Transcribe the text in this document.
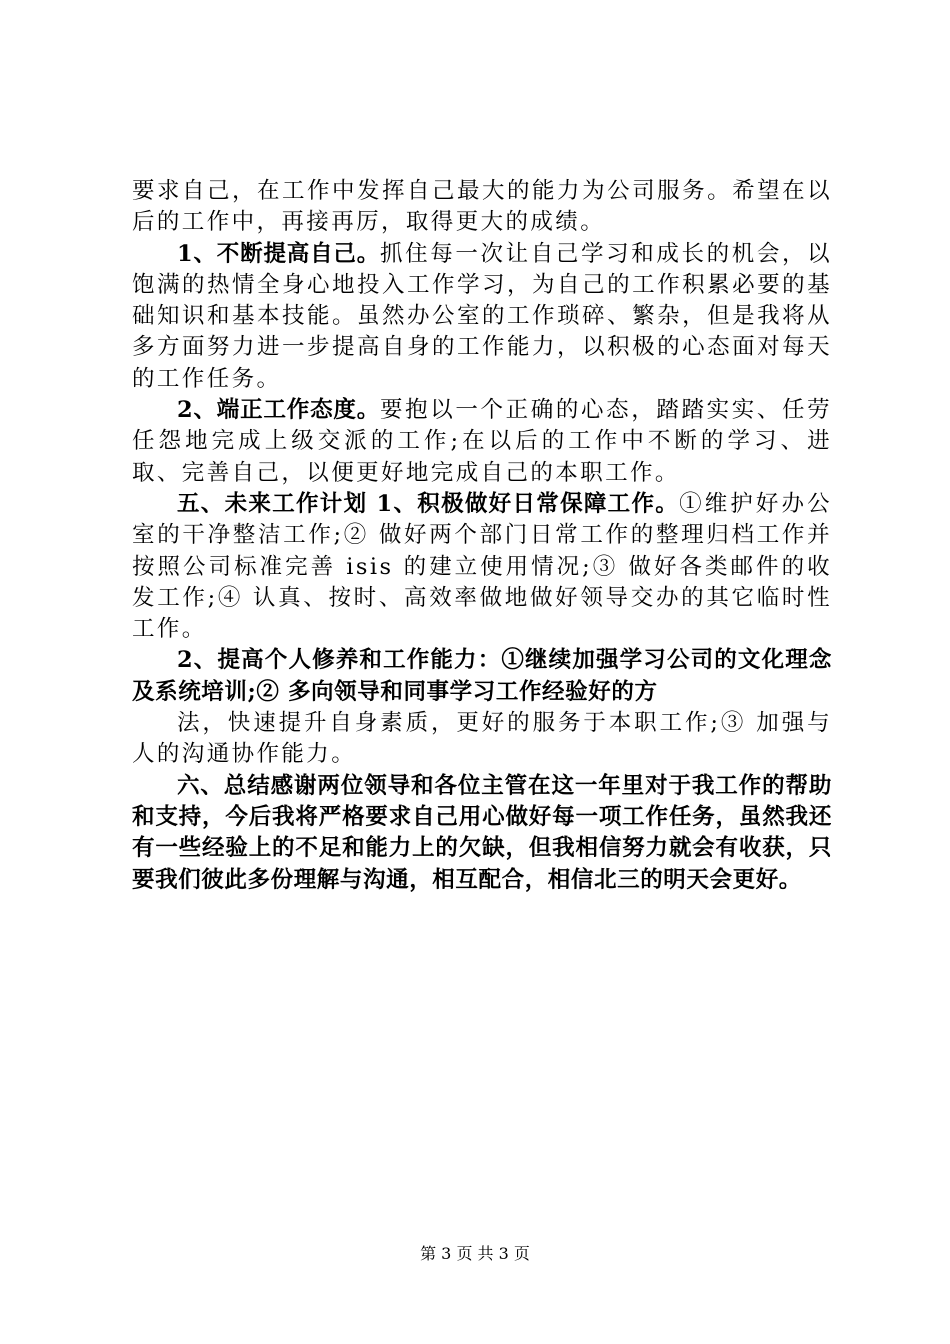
要求自己，在工作中发挥自己最大的能力为公司服务。希望在以后的工作中，再接再厉，取得更大的成绩。

1、不断提高自己。抓住每一次让自己学习和成长的机会，以饱满的热情全身心地投入工作学习，为自己的工作积累必要的基础知识和基本技能。虽然办公室的工作琐碎、繁杂，但是我将从多方面努力进一步提高自身的工作能力，以积极的心态面对每天的工作任务。

2、端正工作态度。要抱以一个正确的心态，踏踏实实、任劳任怨地完成上级交派的工作;在以后的工作中不断的学习、进取、完善自己，以便更好地完成自己的本职工作。

五、未来工作计划 1、积极做好日常保障工作。①维护好办公室的干净整洁工作;② 做好两个部门日常工作的整理归档工作并按照公司标准完善 isis 的建立使用情况;③ 做好各类邮件的收发工作;④ 认真、按时、高效率做地做好领导交办的其它临时性工作。

2、提高个人修养和工作能力：①继续加强学习公司的文化理念及系统培训;② 多向领导和同事学习工作经验好的方

法，快速提升自身素质，更好的服务于本职工作;③ 加强与人的沟通协作能力。

六、总结感谢两位领导和各位主管在这一年里对于我工作的帮助和支持，今后我将严格要求自己用心做好每一项工作任务，虽然我还有一些经验上的不足和能力上的欠缺，但我相信努力就会有收获，只要我们彼此多份理解与沟通，相互配合，相信北三的明天会更好。

第 3 页 共 3 页
